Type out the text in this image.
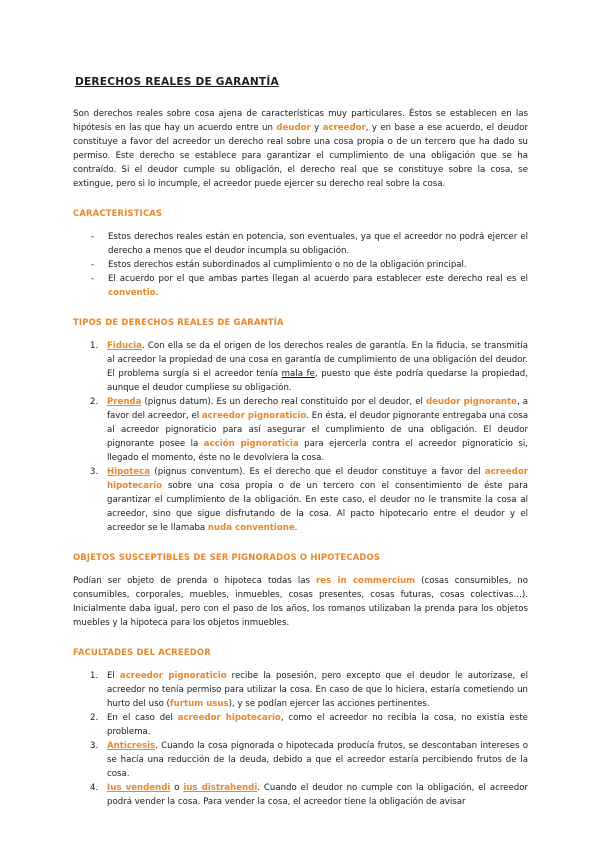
DERECHOS REALES DE GARANTÍA

Son derechos reales sobre cosa ajena de características muy particulares. Éstos se establecen en las hipótesis en las que hay un acuerdo entre un deudor y acreedor, y en base a ese acuerdo, el deudor constituye a favor del acreedor un derecho real sobre una cosa propia o de un tercero que ha dado su permiso. Este derecho se establece para garantizar el cumplimiento de una obligación que se ha contraído. Si el deudor cumple su obligación, el derecho real que se constituye sobre la cosa, se extingue, pero si lo incumple, el acreedor puede ejercer su derecho real sobre la cosa.

CARACTERÍSTICAS
- Estos derechos reales están en potencia, son eventuales, ya que el acreedor no podrá ejercer el derecho a menos que el deudor incumpla su obligación.
- Estos derechos están subordinados al cumplimiento o no de la obligación principal.
- El acuerdo por el que ambas partes llegan al acuerdo para establecer este derecho real es el conventio.
TIPOS DE DERECHOS REALES DE GARANTÍA
1. Fiducia. Con ella se da el origen de los derechos reales de garantía. En la fiducia, se transmitía al acreedor la propiedad de una cosa en garantía de cumplimiento de una obligación del deudor. El problema surgía si el acreedor tenía mala fe, puesto que éste podría quedarse la propiedad, aunque el deudor cumpliese su obligación.
2. Prenda (pignus datum). Es un derecho real constituido por el deudor, el deudor pignorante, a favor del acreedor, el acreedor pignoraticio. En ésta, el deudor pignorante entregaba una cosa al acreedor pignoraticio para así asegurar el cumplimiento de una obligación. El deudor pignorante posee la acción pignoraticia para ejercerla contra el acreedor pignoraticio si, llegado el momento, éste no le devolviera la cosa.
3. Hipoteca (pignus conventum). Es el derecho que el deudor constituye a favor del acreedor hipotecario sobre una cosa propia o de un tercero con el consentimiento de éste para garantizar el cumplimiento de la obligación. En este caso, el deudor no le transmite la cosa al acreedor, sino que sigue disfrutando de la cosa. Al pacto hipotecario entre el deudor y el acreedor se le llamaba nuda conventione.
OBJETOS SUSCEPTIBLES DE SER PIGNORADOS O HIPOTECADOS

Podían ser objeto de prenda o hipoteca todas las res in commercium (cosas consumibles, no consumibles, corporales, muebles, inmuebles, cosas presentes, cosas futuras, cosas colectivas…). Inicialmente daba igual, pero con el paso de los años, los romanos utilizaban la prenda para los objetos muebles y la hipoteca para los objetos inmuebles.

FACULTADES DEL ACREEDOR
1. El acreedor pignoraticio recibe la posesión, pero excepto que el deudor le autorizase, el acreedor no tenía permiso para utilizar la cosa. En caso de que lo hiciera, estaría cometiendo un hurto del uso (furtum usus), y se podían ejercer las acciones pertinentes.
2. En el caso del acreedor hipotecario, como el acreedor no recibía la cosa, no existía este problema.
3. Anticresis. Cuando la cosa pignorada o hipotecada producía frutos, se descontaban intereses o se hacía una reducción de la deuda, debido a que el acreedor estaría percibiendo frutos de la cosa.
4. Ius vendendi o ius distrahendi. Cuando el deudor no cumple con la obligación, el acreedor podrá vender la cosa. Para vender la cosa, el acreedor tiene la obligación de avisar
